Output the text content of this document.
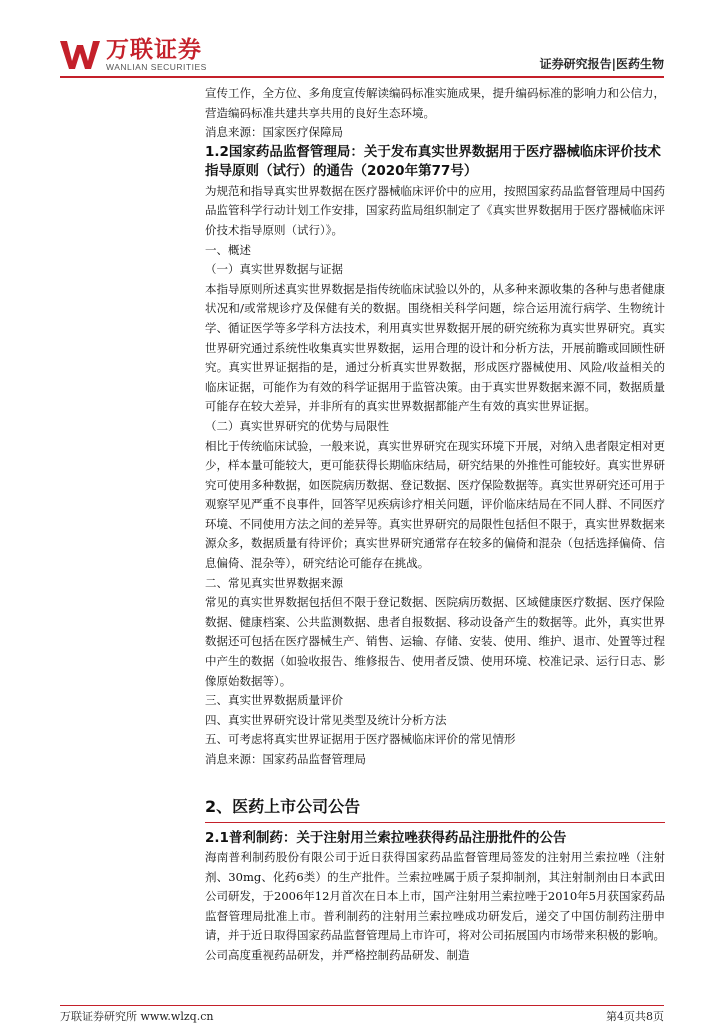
万联证券
WANLIAN SECURITIES	证券研究报告|医药生物

宣传工作，全方位、多角度宣传解读编码标准实施成果，提升编码标准的影响力和公信力，营造编码标准共建共享共用的良好生态环境。

消息来源：国家医疗保障局

1.2国家药品监督管理局：关于发布真实世界数据用于医疗器械临床评价技术指导原则（试行）的通告（2020年第77号）

为规范和指导真实世界数据在医疗器械临床评价中的应用，按照国家药品监督管理局中国药品监管科学行动计划工作安排，国家药监局组织制定了《真实世界数据用于医疗器械临床评价技术指导原则（试行）》。

一、概述

（一）真实世界数据与证据

本指导原则所述真实世界数据是指传统临床试验以外的，从多种来源收集的各种与患者健康状况和/或常规诊疗及保健有关的数据。围绕相关科学问题，综合运用流行病学、生物统计学、循证医学等多学科方法技术，利用真实世界数据开展的研究统称为真实世界研究。真实世界研究通过系统性收集真实世界数据，运用合理的设计和分析方法，开展前瞻或回顾性研究。真实世界证据指的是，通过分析真实世界数据，形成医疗器械使用、风险/收益相关的临床证据，可能作为有效的科学证据用于监管决策。由于真实世界数据来源不同，数据质量可能存在较大差异，并非所有的真实世界数据都能产生有效的真实世界证据。

（二）真实世界研究的优势与局限性

相比于传统临床试验，一般来说，真实世界研究在现实环境下开展，对纳入患者限定相对更少，样本量可能较大，更可能获得长期临床结局，研究结果的外推性可能较好。真实世界研究可使用多种数据，如医院病历数据、登记数据、医疗保险数据等。真实世界研究还可用于观察罕见严重不良事件，回答罕见疾病诊疗相关问题，评价临床结局在不同人群、不同医疗环境、不同使用方法之间的差异等。真实世界研究的局限性包括但不限于，真实世界数据来源众多，数据质量有待评价；真实世界研究通常存在较多的偏倚和混杂（包括选择偏倚、信息偏倚、混杂等），研究结论可能存在挑战。

二、常见真实世界数据来源

常见的真实世界数据包括但不限于登记数据、医院病历数据、区域健康医疗数据、医疗保险数据、健康档案、公共监测数据、患者自报数据、移动设备产生的数据等。此外，真实世界数据还可包括在医疗器械生产、销售、运输、存储、安装、使用、维护、退市、处置等过程中产生的数据（如验收报告、维修报告、使用者反馈、使用环境、校准记录、运行日志、影像原始数据等）。

三、真实世界数据质量评价

四、真实世界研究设计常见类型及统计分析方法

五、可考虑将真实世界证据用于医疗器械临床评价的常见情形

消息来源：国家药品监督管理局

2、医药上市公司公告

2.1普利制药：关于注射用兰索拉唑获得药品注册批件的公告

海南普利制药股份有限公司于近日获得国家药品监督管理局签发的注射用兰索拉唑（注射剂、30mg、化药6类）的生产批件。兰索拉唑属于质子泵抑制剂，其注射制剂由日本武田公司研发，于2006年12月首次在日本上市，国产注射用兰索拉唑于2010年5月获国家药品监督管理局批准上市。普利制药的注射用兰索拉唑成功研发后，递交了中国仿制药注册申请，并于近日取得国家药品监督管理局上市许可，将对公司拓展国内市场带来积极的影响。公司高度重视药品研发，并严格控制药品研发、制造

万联证券研究所 www.wlzq.cn	第4页共8页
